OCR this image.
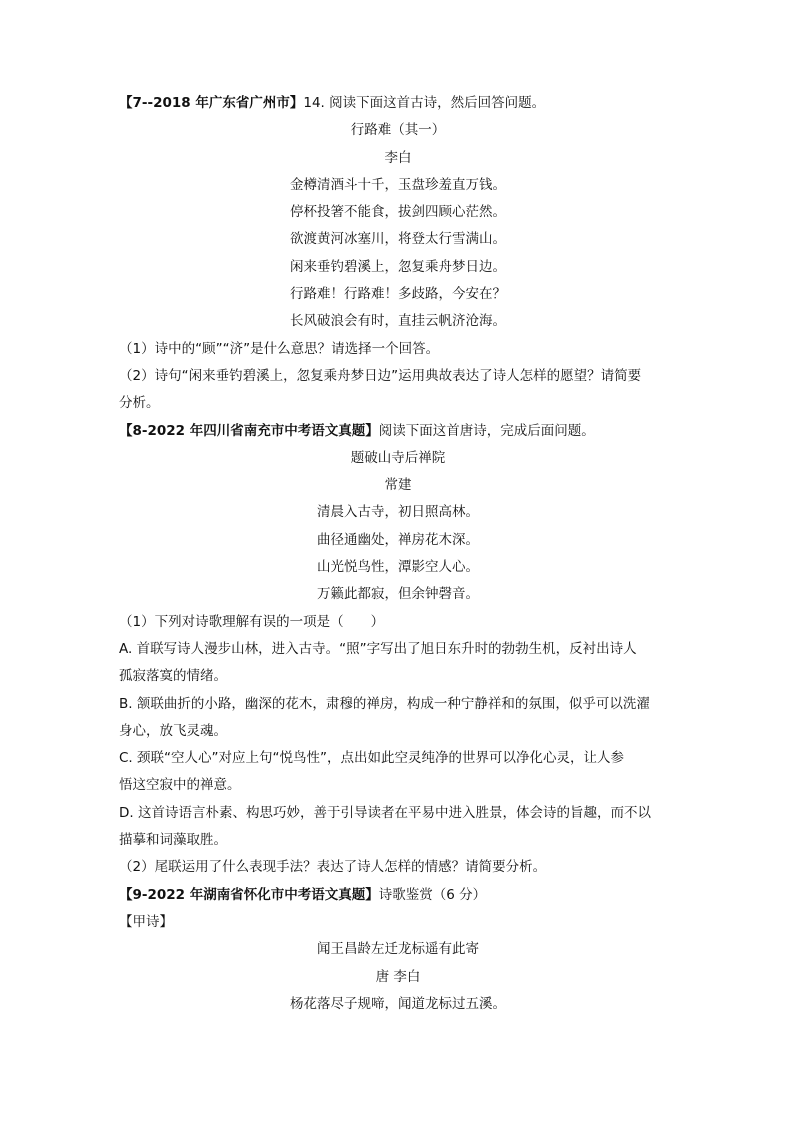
【7--2018 年广东省广州市】14. 阅读下面这首古诗，然后回答问题。

行路难（其一）

李白

金樽清酒斗十千，玉盘珍羞直万钱。

停杯投箸不能食，拔剑四顾心茫然。

欲渡黄河冰塞川，将登太行雪满山。

闲来垂钓碧溪上，忽复乘舟梦日边。

行路难！行路难！多歧路，今安在？

长风破浪会有时，直挂云帆济沧海。

（1）诗中的“顾”“济”是什么意思？请选择一个回答。

（2）诗句“闲来垂钓碧溪上，忽复乘舟梦日边”运用典故表达了诗人怎样的愿望？请简要

分析。

【8-2022 年四川省南充市中考语文真题】阅读下面这首唐诗，完成后面问题。

题破山寺后禅院

常建

清晨入古寺，初日照高林。

曲径通幽处，禅房花木深。

山光悦鸟性，潭影空人心。

万籁此都寂，但余钟磬音。

（1）下列对诗歌理解有误的一项是（　　）

A. 首联写诗人漫步山林，进入古寺。“照”字写出了旭日东升时的勃勃生机，反衬出诗人

孤寂落寞的情绪。

B. 颔联曲折的小路，幽深的花木，肃穆的禅房，构成一种宁静祥和的氛围，似乎可以洗濯

身心，放飞灵魂。

C. 颈联“空人心”对应上句“悦鸟性”，点出如此空灵纯净的世界可以净化心灵，让人参

悟这空寂中的禅意。

D. 这首诗语言朴素、构思巧妙，善于引导读者在平易中进入胜景，体会诗的旨趣，而不以

描摹和词藻取胜。

（2）尾联运用了什么表现手法？表达了诗人怎样的情感？请简要分析。

【9-2022 年湖南省怀化市中考语文真题】诗歌鉴赏（6 分）

【甲诗】

闻王昌龄左迁龙标遥有此寄

唐 李白

杨花落尽子规啼，闻道龙标过五溪。
